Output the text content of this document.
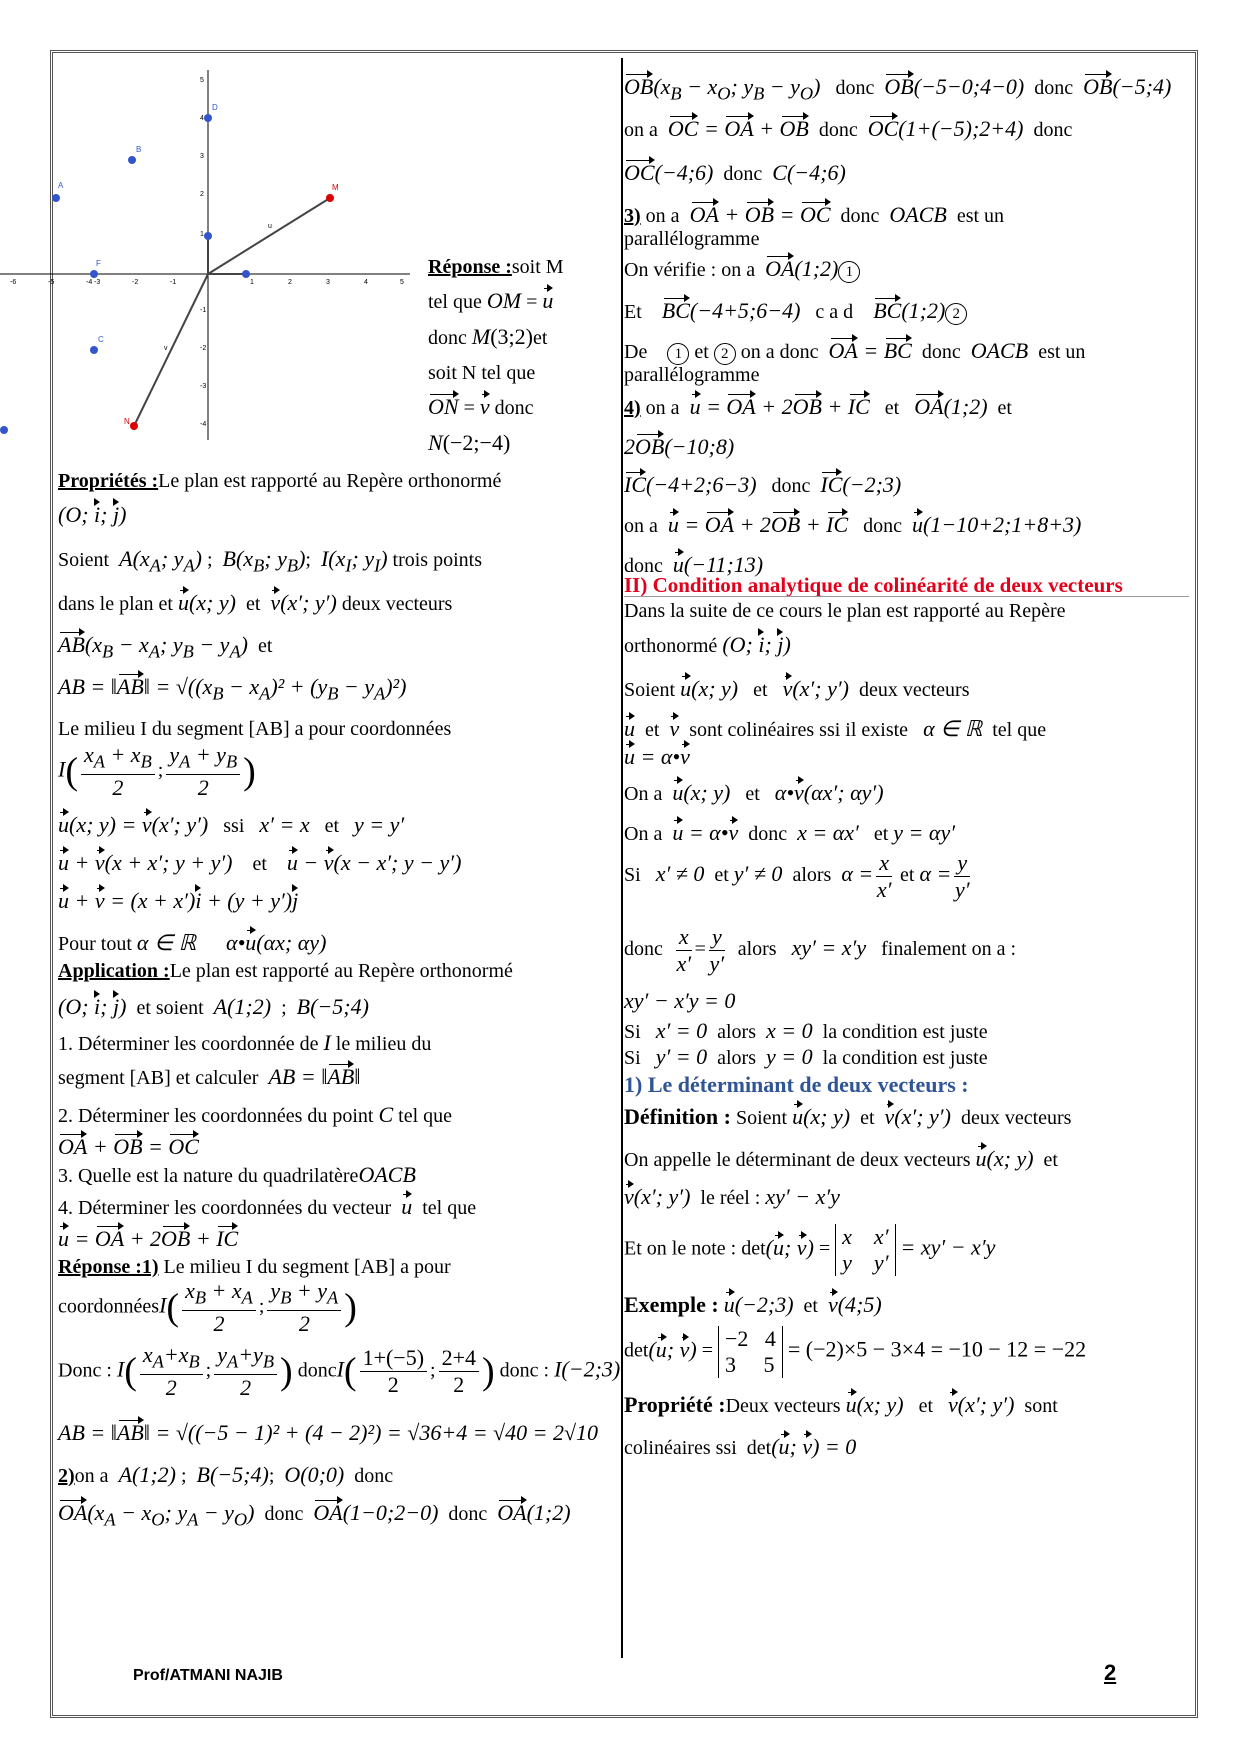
-6	-5	-4 -3	-2	-1	1	2	3	4	5
5
4
3
2
1
-1
-2
-3
-4
A
B
C
D
F
M
N
u
v
Réponse :soit M
tel que OM = u
donc M(3;2)et
soit N tel que
ON = v donc
N(−2;−4)
Propriétés :Le plan est rapporté au Repère orthonormé
(O; i; j)
Soient $A(x_A$; $y_A$) ;  $B(x_B$; $y_B$);  $I(x_I$; $y_I$) trois points
dans le plan et u(x; y)  et  v(x′; y′) deux vecteurs
$AB(x_B - x_A$; $y_B - y_A$) et
AB = ‖AB‖ = $√((x_B - x_A)^2 + (y_B - y_A)^2)$
Le milieu I du segment [AB] a pour coordonnées
$I( \frac{x_A + x_B}{2}$ ; $\frac{y_A + y_B}{2}$ )
u(x; y) = v(x′; y′) ssi x′ = x   et   y = y′
u + v(x + x′; y + y′)    et    u − v(x − x′; y − y′)
u + v = (x + x′)i + (y + y′)j
Pour tout α ∈ ℝ α•u(αx; αy)
Application :Le plan est rapporté au Repère orthonormé
(O; i; j) et soient A(1;2)  ;  B(−5;4)
1. Déterminer les coordonnée de I le milieu du
segment [AB] et calculer AB = ‖AB‖
2. Déterminer les coordonnées du point C tel que
OA + OB = OC
3. Quelle est la nature du quadrilatèreOACB
4. Déterminer les coordonnées du vecteur u tel que
u = OA + 2OB + IC
Réponse :1) Le milieu I du segment [AB] a pour
coordonnéesI( $\frac{x_B + x_A}{2}$ ; $\frac{y_B + y_A}{2}$ )
Donc : $I( \frac{x_A+x_B}{2}$ ; $\frac{y_A+y_B}{2}$ ) doncI( $\frac{1+(-5)}{2}$ ; $\frac{2+4}{2}$ ) donc : I(−2;3)
AB = ‖AB‖ = √((−5 − 1)² + (4 − 2)²) = √36+4 = √40 = 2√10
2)on a A(1;2) ;  B(−5;4);  O(0;0)  donc
$OA(x_A - x_O$; $y_A - y_O$)  donc  OA(1−0;2−0)  donc  OA(1;2)
$OB(x_B - x_O$; $y_B - y_O$) donc OB(−5−0;4−0)  donc  OB(−5;4)
on a OC = OA + OB  donc  OC(1+(−5);2+4)  donc
OC(−4;6)  donc  C(−4;6)
3) on a  OA + OB = OC  donc  OACB est un
parallélogramme
On vérifie : on a OA(1;2) 1
Et BC(−4+5;6−4) c a d BC(1;2) 2
De 1 et 2 on a donc OA = BC  donc  OACB  est un
parallélogramme
4) on a  u = OA + 2OB + IC   et   OA(1;2)  et
2OB(−10;8)
IC(−4+2;6−3)   donc  IC(−2;3)
on a  u = OA + 2OB + IC   donc  u(1−10+2;1+8+3)
donc  u(−11;13)
II) Condition analytique de colinéarité de deux vecteurs
Dans la suite de ce cours le plan est rapporté au Repère
orthonormé (O; i; j)
Soient u(x; y)   et   v(x′; y′) deux vecteurs
u  et  v sont colinéaires ssi il existe α ∈ ℝ tel que
u = α•v
On a  u(x; y)   et   α•v(αx′; αy′)
On a  u = α•v  donc  x = αx′   et y = αy′
Si x′ ≠ 0  et y′ ≠ 0 alors $\alpha = \frac{x}{x'}$ et $\alpha = \frac{y}{y'}$
donc $\frac{x}{x'} = \frac{y}{y'}$ alors   xy′ = x′y finalement on a :
xy′ − x′y = 0
Si   x′ = 0  alors  x = 0 la condition est juste
Si   y′ = 0  alors  y = 0 la condition est juste
1) Le déterminant de deux vecteurs :
Définition : Soient u(x; y)  et  v(x′; y′)  deux vecteurs
On appelle le déterminant de deux vecteurs u(x; y)  et
v(x′; y′) le réel : xy′ − x′y
Et on le note : det(u; v) = x    x′
y    y′ = xy′ − x′y
Exemple : u(−2;3)  et  v(4;5)
det(u; v) = −2   4
3     5 = (−2)×5 − 3×4 = −10 − 12 = −22
Propriété :Deux vecteurs u(x; y)   et   v(x′; y′) sont
colinéaires ssi  det(u; v) = 0
Prof/ATMANI NAJIB	2
